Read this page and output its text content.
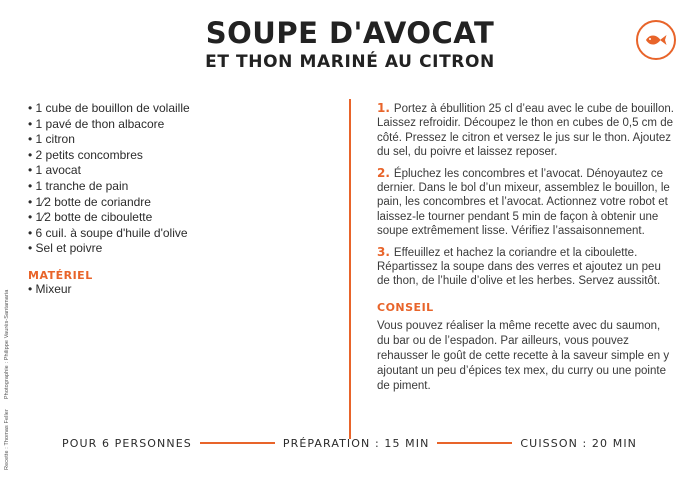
SOUPE D'AVOCAT
ET THON MARINÉ AU CITRON
• 1 cube de bouillon de volaille
• 1 pavé de thon albacore
• 1 citron
• 2 petits concombres
• 1 avocat
• 1 tranche de pain
• 1⁄2 botte de coriandre
• 1⁄2 botte de ciboulette
• 6 cuil. à soupe d'huile d'olive
• Sel et poivre
MATÉRIEL
• Mixeur

1. Portez à ébullition 25 cl d’eau avec le cube de bouillon. Laissez refroidir. Découpez le thon en cubes de 0,5 cm de côté. Pressez le citron et versez le jus sur le thon. Ajoutez du sel, du poivre et laissez reposer.

2. Épluchez les concombres et l’avocat. Dénoyautez ce dernier. Dans le bol d’un mixeur, assemblez le bouillon, le pain, les concombres et l’avocat. Actionnez votre robot et laissez-le tourner pendant 5 min de façon à obtenir une soupe extrêmement lisse. Vérifiez l’assaisonnement.

3. Effeuillez et hachez la coriandre et la ciboulette. Répartissez la soupe dans des verres et ajoutez un peu de thon, de l’huile d’olive et les herbes. Servez aussitôt.

CONSEIL

Vous pouvez réaliser la même recette avec du saumon, du bar ou de l’espadon. Par ailleurs, vous pouvez rehausser le goût de cette recette à la saveur simple en y ajoutant un peu d’épices tex mex, du curry ou une pointe de piment.

Recette : Thomas FellerPhotographie : Philippe Vaurès-Santamaria
POUR 6 PERSONNES	PRÉPARATION : 15 MIN	CUISSON : 20 MIN
